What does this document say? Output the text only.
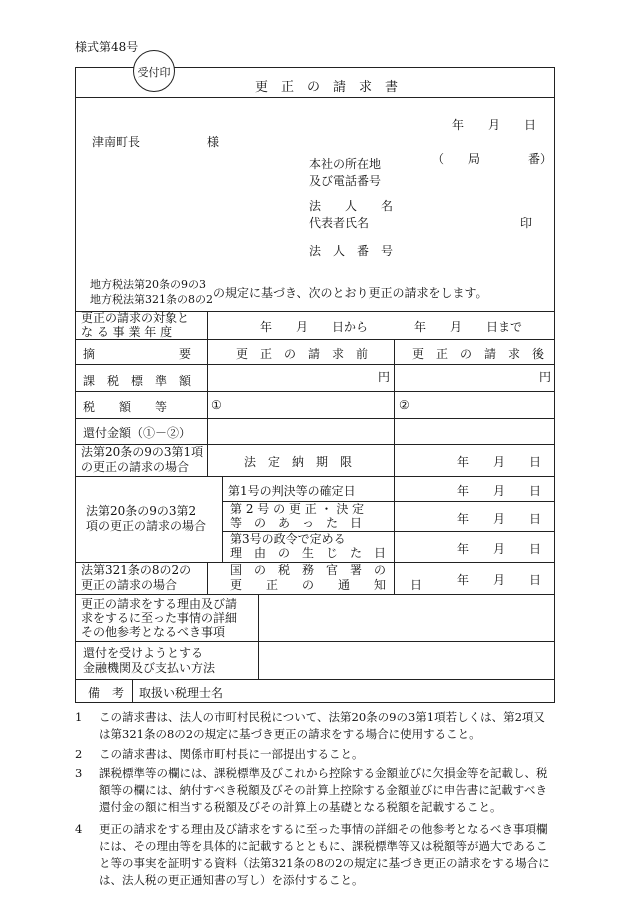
様式第48号
受付印
更　正　の　請　求　書
年　　月　　日
津南町長	様
（　　局　　　　番）
本社の所在地
及び電話番号
法　　人　　名
代表者氏名	印
法　人　番　号
地方税法第20条の9の3
地方税法第321条の8の2 の規定に基づき、次のとおり更正の請求をします。
更正の請求の対象と
な る 事 業 年 度	年　　月　　日から	年　　月　　日まで
摘　　　　　　　要	更　正　の　請　求　前	更　正　の　請　求　後
課　税　標　準　額	円	円
税　　額　　等	①	②
還付金額（①－②）
法第20条の9の3第1項
の更正の請求の場合	法　定　納　期　限	年　　月　　日
法第20条の9の3第2
項の更正の請求の場合
第1号の判決等の確定日	年　　月　　日
第 2 号 の 更 正 ・ 決 定
等　の　あ　っ　た　日	年　　月　　日
第3号の政令で定める
理　由　の　生　じ　た　日	年　　月　　日
法第321条の8の2の
更正の請求の場合
国　の　税　務　官　署　の
更　　正　　の　　通　　知　　日	年　　月　　日
更正の請求をする理由及び請
求をするに至った事情の詳細
その他参考となるべき事項
還付を受けようとする
金融機関及び支払い方法
備　考 取扱い税理士名
1	この請求書は、法人の市町村民税について、法第20条の9の3第1項若しくは、第2項又は第321条の8の2の規定に基づき更正の請求をする場合に使用すること。
2	この請求書は、関係市町村長に一部提出すること。
3	課税標準等の欄には、課税標準及びこれから控除する金額並びに欠損金等を記載し、税額等の欄には、納付すべき税額及びその計算上控除する金額並びに申告書に記載すべき還付金の額に相当する税額及びその計算上の基礎となる税額を記載すること。
4	更正の請求をする理由及び請求をするに至った事情の詳細その他参考となるべき事項欄には、その理由等を具体的に記載するとともに、課税標準等又は税額等が過大であること等の事実を証明する資料（法第321条の8の2の規定に基づき更正の請求をする場合には、法人税の更正通知書の写し）を添付すること。
